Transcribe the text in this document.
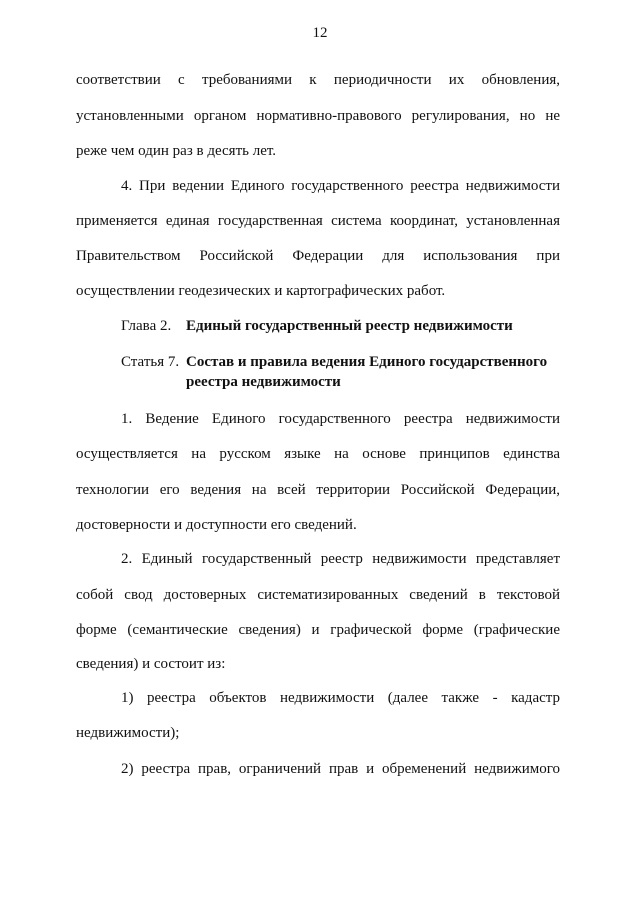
12
соответствии с требованиями к периодичности их обновления,
установленными органом нормативно-правового регулирования, но не
реже чем один раз в десять лет.
4. При ведении Единого государственного реестра недвижимости
применяется единая государственная система координат, установленная
Правительством Российской Федерации для использования при
осуществлении геодезических и картографических работ.
Глава 2. Единый государственный реестр недвижимости
Статья 7. Состав и правила ведения Единого государственного
реестра недвижимости
1. Ведение Единого государственного реестра недвижимости
осуществляется на русском языке на основе принципов единства
технологии его ведения на всей территории Российской Федерации,
достоверности и доступности его сведений.
2. Единый государственный реестр недвижимости представляет
собой свод достоверных систематизированных сведений в текстовой
форме (семантические сведения) и графической форме (графические
сведения) и состоит из:
1) реестра объектов недвижимости (далее также - кадастр
недвижимости);
2) реестра прав, ограничений прав и обременений недвижимого
